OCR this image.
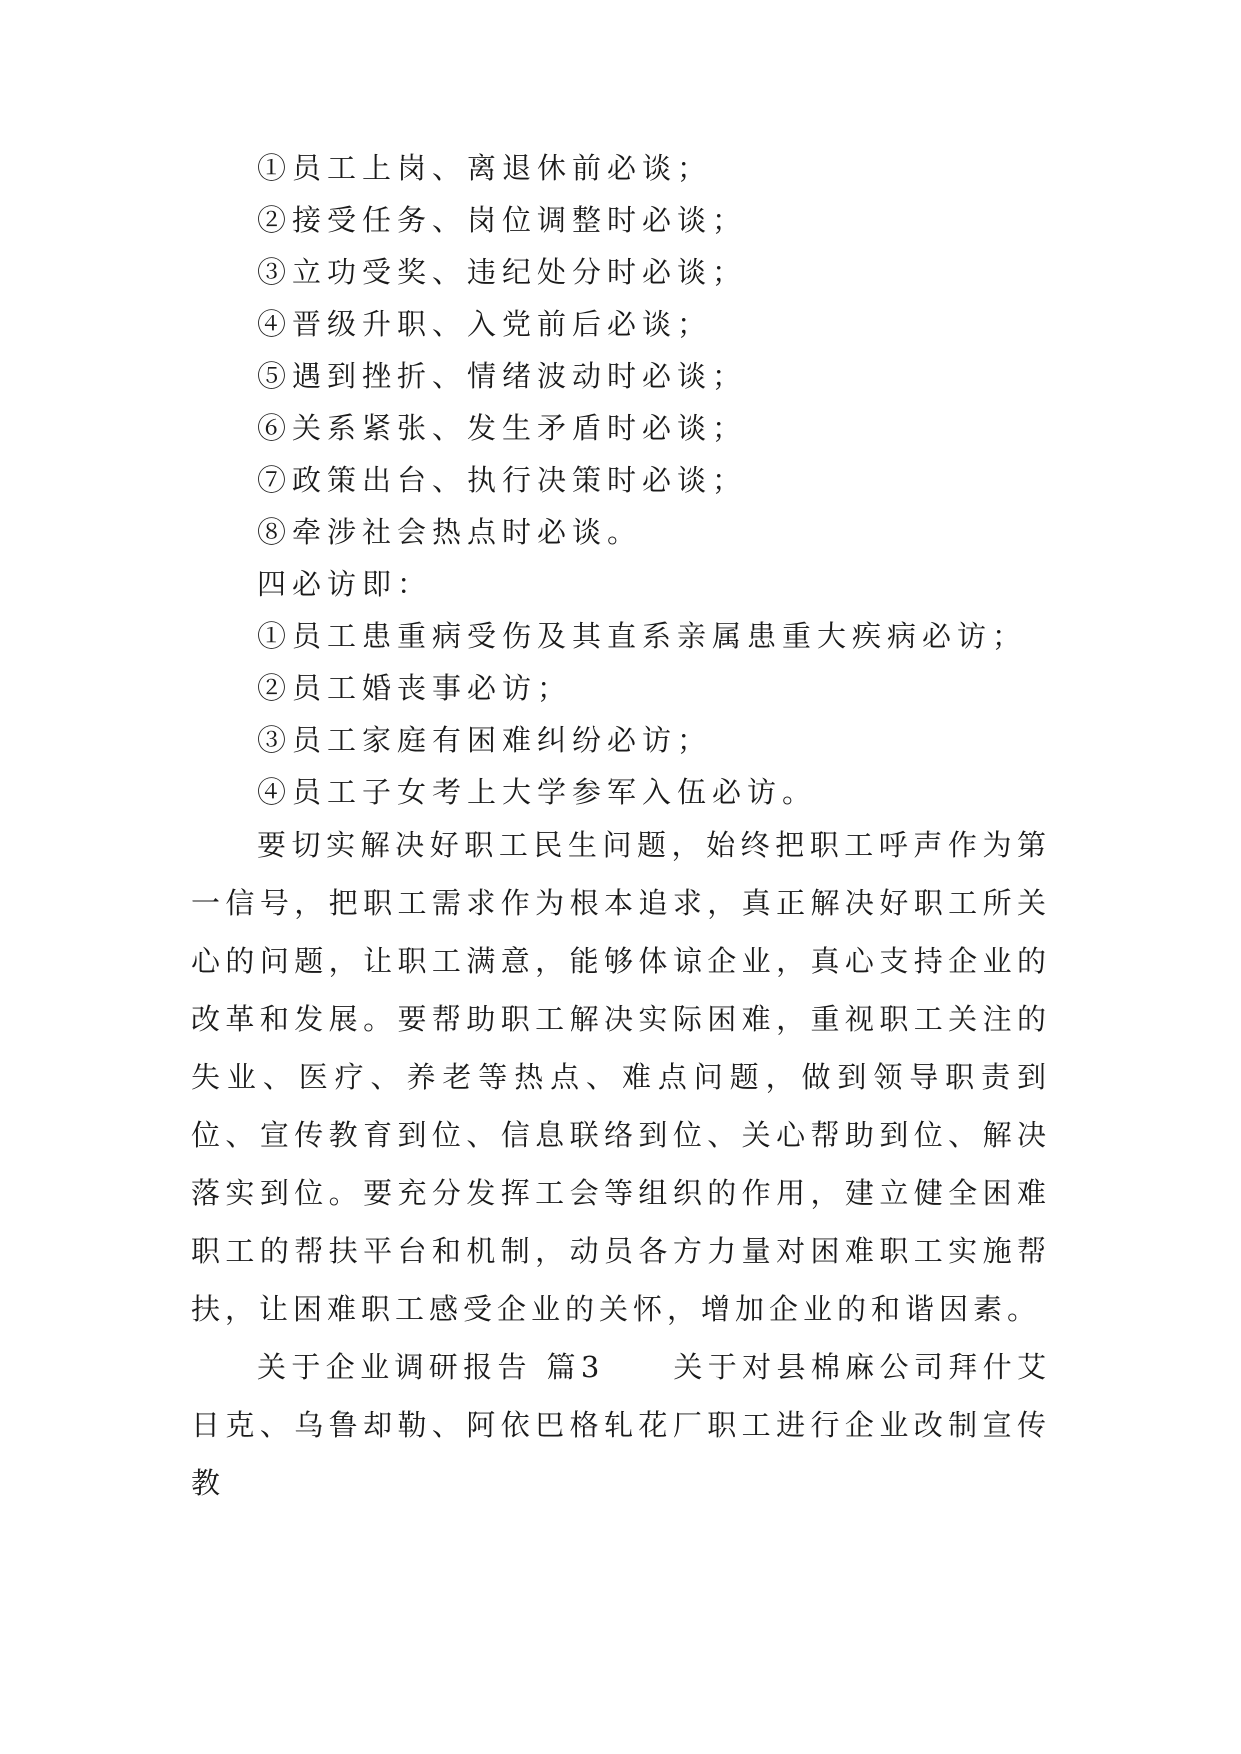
①员工上岗、离退休前必谈；
②接受任务、岗位调整时必谈；
③立功受奖、违纪处分时必谈；
④晋级升职、入党前后必谈；
⑤遇到挫折、情绪波动时必谈；
⑥关系紧张、发生矛盾时必谈；
⑦政策出台、执行决策时必谈；
⑧牵涉社会热点时必谈。
四必访即：
①员工患重病受伤及其直系亲属患重大疾病必访；
②员工婚丧事必访；
③员工家庭有困难纠纷必访；
④员工子女考上大学参军入伍必访。

要切实解决好职工民生问题，始终把职工呼声作为第一信号，把职工需求作为根本追求，真正解决好职工所关心的问题，让职工满意，能够体谅企业，真心支持企业的改革和发展。要帮助职工解决实际困难，重视职工关注的失业、医疗、养老等热点、难点问题，做到领导职责到位、宣传教育到位、信息联络到位、关心帮助到位、解决落实到位。要充分发挥工会等组织的作用，建立健全困难职工的帮扶平台和机制，动员各方力量对困难职工实施帮扶，让困难职工感受企业的关怀，增加企业的和谐因素。

关于企业调研报告 篇3　　关于对县棉麻公司拜什艾日克、乌鲁却勒、阿依巴格轧花厂职工进行企业改制宣传教
